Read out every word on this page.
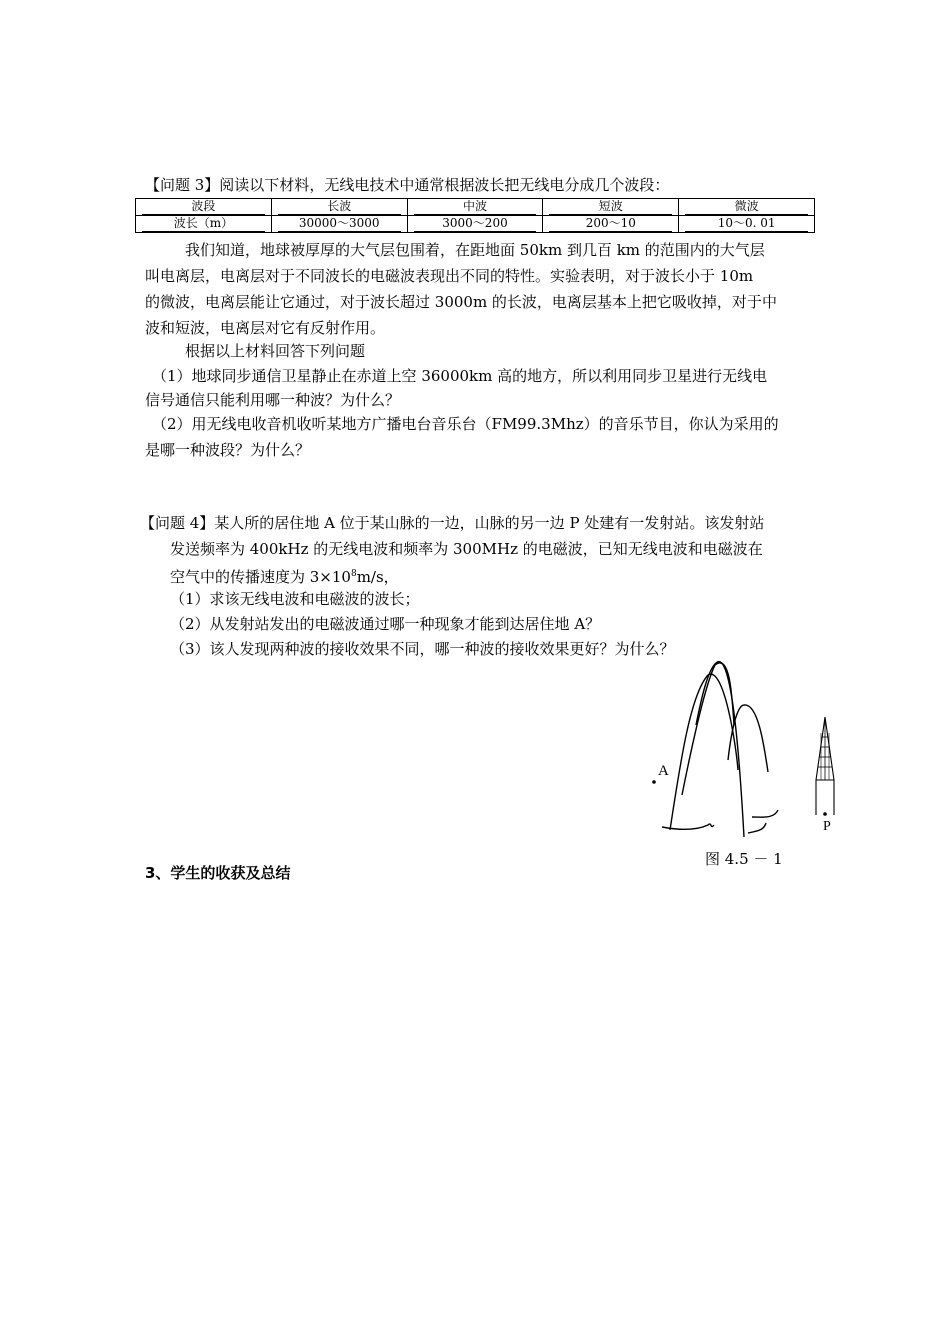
【问题 3】阅读以下材料，无线电技术中通常根据波长把无线电分成几个波段：
波段	长波	中波	短波	微波

波长（m）	30000～3000	3000～200	200～10	10～0. 01
我们知道，地球被厚厚的大气层包围着，在距地面 50km 到几百 km 的范围内的大气层
叫电离层，电离层对于不同波长的电磁波表现出不同的特性。实验表明，对于波长小于 10m
的微波，电离层能让它通过，对于波长超过 3000m 的长波，电离层基本上把它吸收掉，对于中
波和短波，电离层对它有反射作用。
根据以上材料回答下列问题
（1）地球同步通信卫星静止在赤道上空 36000km 高的地方，所以利用同步卫星进行无线电
信号通信只能利用哪一种波？为什么？
（2）用无线电收音机收听某地方广播电台音乐台（FM99.3Mhz）的音乐节目，你认为采用的
是哪一种波段？为什么？
【问题 4】某人所的居住地 A 位于某山脉的一边，山脉的另一边 P 处建有一发射站。该发射站
发送频率为 400kHz 的无线电波和频率为 300MHz 的电磁波，已知无线电波和电磁波在
空气中的传播速度为 $3\times 10^8m/s$，
（1）求该无线电波和电磁波的波长；
（2）从发射站发出的电磁波通过哪一种现象才能到达居住地 A？
（3）该人发现两种波的接收效果不同，哪一种波的接收效果更好？为什么？
A
P
图 4.5 － 1
3、学生的收获及总结
